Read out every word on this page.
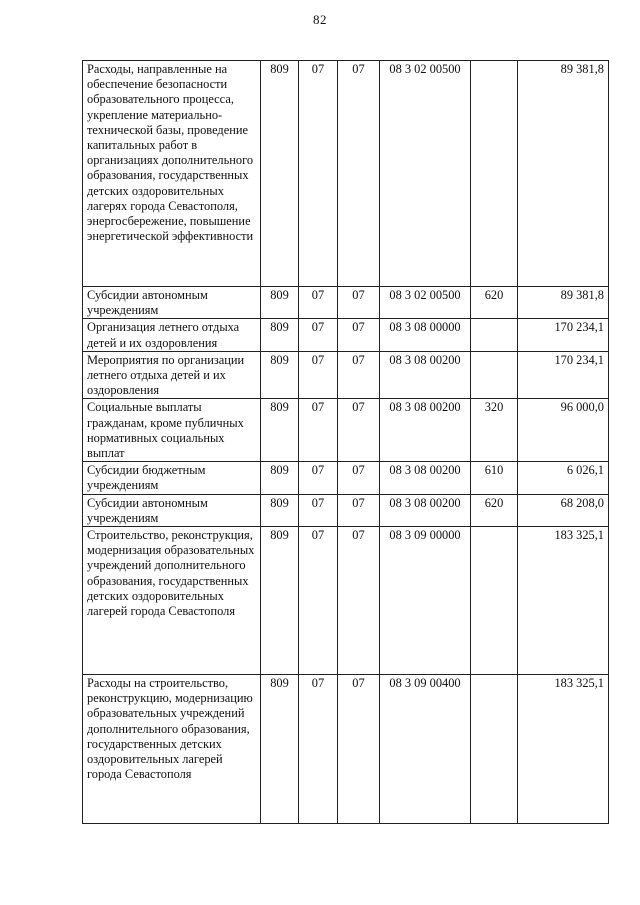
82
Расходы, направленные на обеспечение безопасности образовательного процесса, укрепление материально-технической базы, проведение капитальных работ в организациях дополнительного образования, государственных детских оздоровительных лагерях города Севастополя, энергосбережение, повышение энергетической эффективности	809	07	07	08 3 02 00500		89 381,8
Субсидии автономным учреждениям	809	07	07	08 3 02 00500	620	89 381,8
Организация летнего отдыха детей и их оздоровления	809	07	07	08 3 08 00000		170 234,1
Мероприятия по организации летнего отдыха детей и их оздоровления	809	07	07	08 3 08 00200		170 234,1
Социальные выплаты гражданам, кроме публичных нормативных социальных выплат	809	07	07	08 3 08 00200	320	96 000,0
Субсидии бюджетным учреждениям	809	07	07	08 3 08 00200	610	6 026,1
Субсидии автономным учреждениям	809	07	07	08 3 08 00200	620	68 208,0
Строительство, реконструкция, модернизация образовательных учреждений дополнительного образования, государственных детских оздоровительных лагерей города Севастополя	809	07	07	08 3 09 00000		183 325,1
Расходы на строительство, реконструкцию, модернизацию образовательных учреждений дополнительного образования, государственных детских оздоровительных лагерей города Севастополя	809	07	07	08 3 09 00400		183 325,1
